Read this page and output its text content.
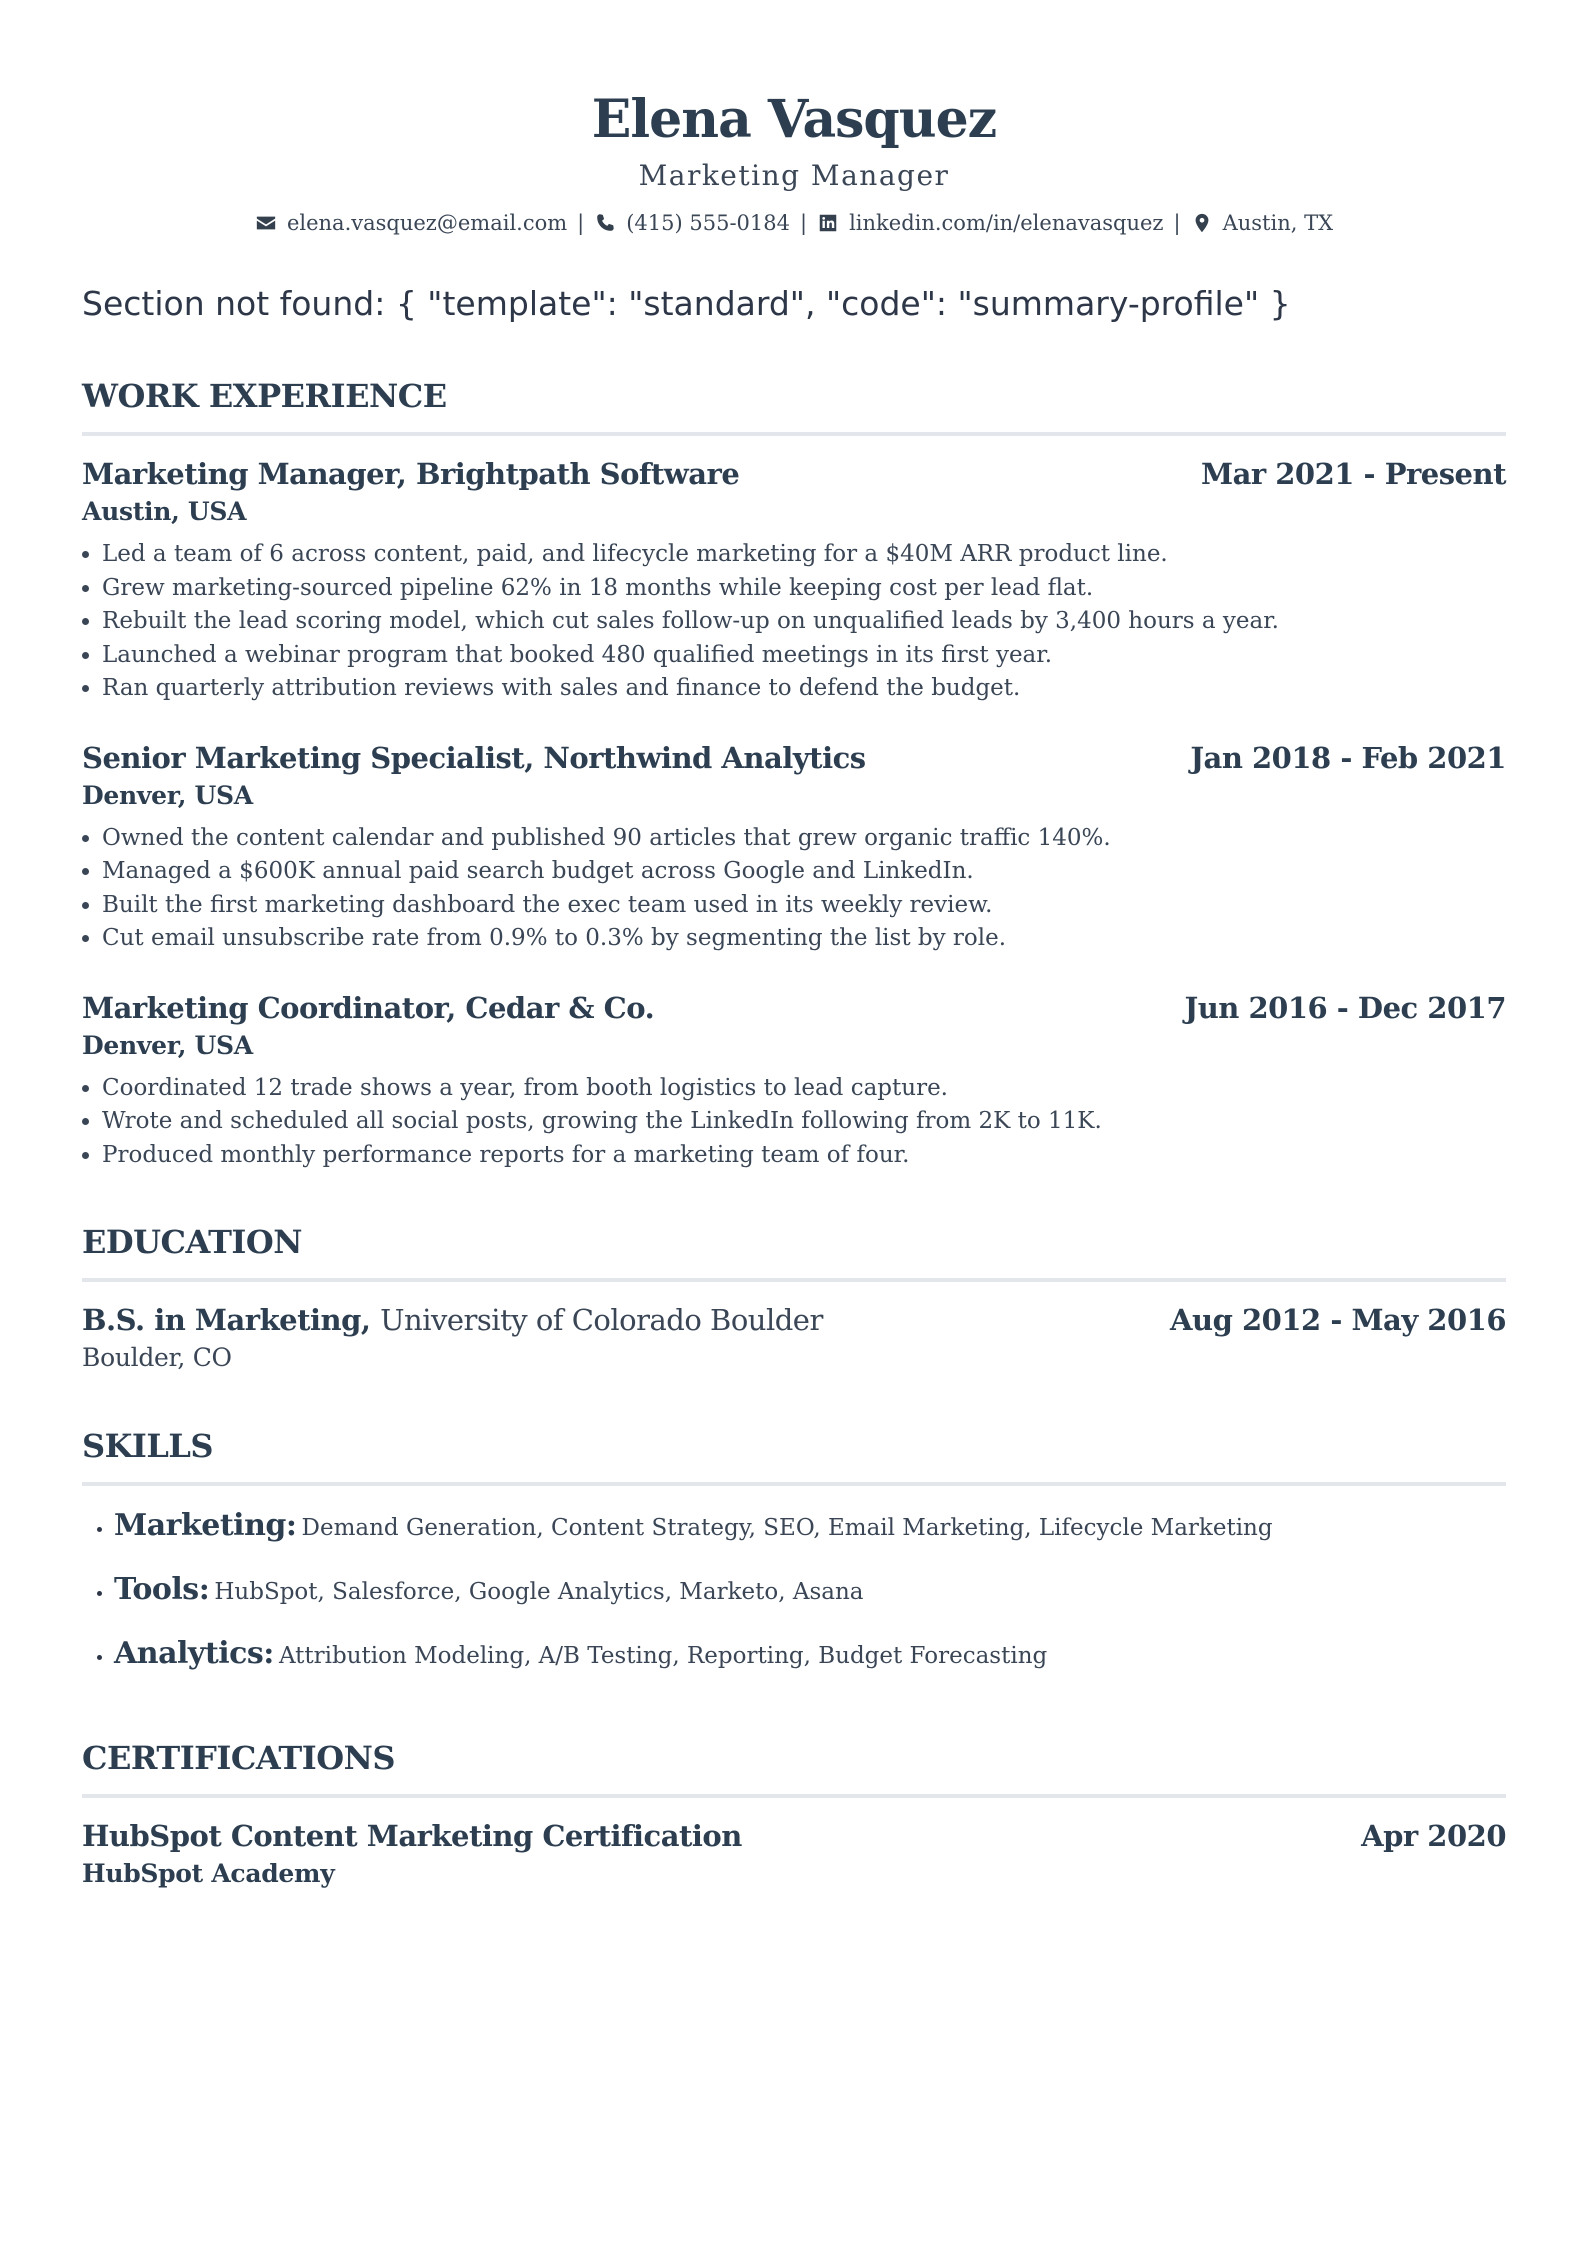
Elena Vasquez
Marketing Manager
elena.vasquez@email.com | (415) 555-0184 | linkedin.com/in/elenavasquez | Austin, TX
Section not found: { "template": "standard", "code": "summary-profile" }
WORK EXPERIENCE
Marketing Manager, Brightpath Software	Mar 2021 - Present
Austin, USA
• Led a team of 6 across content, paid, and lifecycle marketing for a $40M ARR product line.
• Grew marketing-sourced pipeline 62% in 18 months while keeping cost per lead flat.
• Rebuilt the lead scoring model, which cut sales follow-up on unqualified leads by 3,400 hours a year.
• Launched a webinar program that booked 480 qualified meetings in its first year.
• Ran quarterly attribution reviews with sales and finance to defend the budget.
Senior Marketing Specialist, Northwind Analytics	Jan 2018 - Feb 2021
Denver, USA
• Owned the content calendar and published 90 articles that grew organic traffic 140%.
• Managed a $600K annual paid search budget across Google and LinkedIn.
• Built the first marketing dashboard the exec team used in its weekly review.
• Cut email unsubscribe rate from 0.9% to 0.3% by segmenting the list by role.
Marketing Coordinator, Cedar & Co.	Jun 2016 - Dec 2017
Denver, USA
• Coordinated 12 trade shows a year, from booth logistics to lead capture.
• Wrote and scheduled all social posts, growing the LinkedIn following from 2K to 11K.
• Produced monthly performance reports for a marketing team of four.
EDUCATION
B.S. in Marketing, University of Colorado Boulder	Aug 2012 - May 2016
Boulder, CO
SKILLS
• Marketing: Demand Generation, Content Strategy, SEO, Email Marketing, Lifecycle Marketing
• Tools: HubSpot, Salesforce, Google Analytics, Marketo, Asana
• Analytics: Attribution Modeling, A/B Testing, Reporting, Budget Forecasting
CERTIFICATIONS
HubSpot Content Marketing Certification	Apr 2020
HubSpot Academy
